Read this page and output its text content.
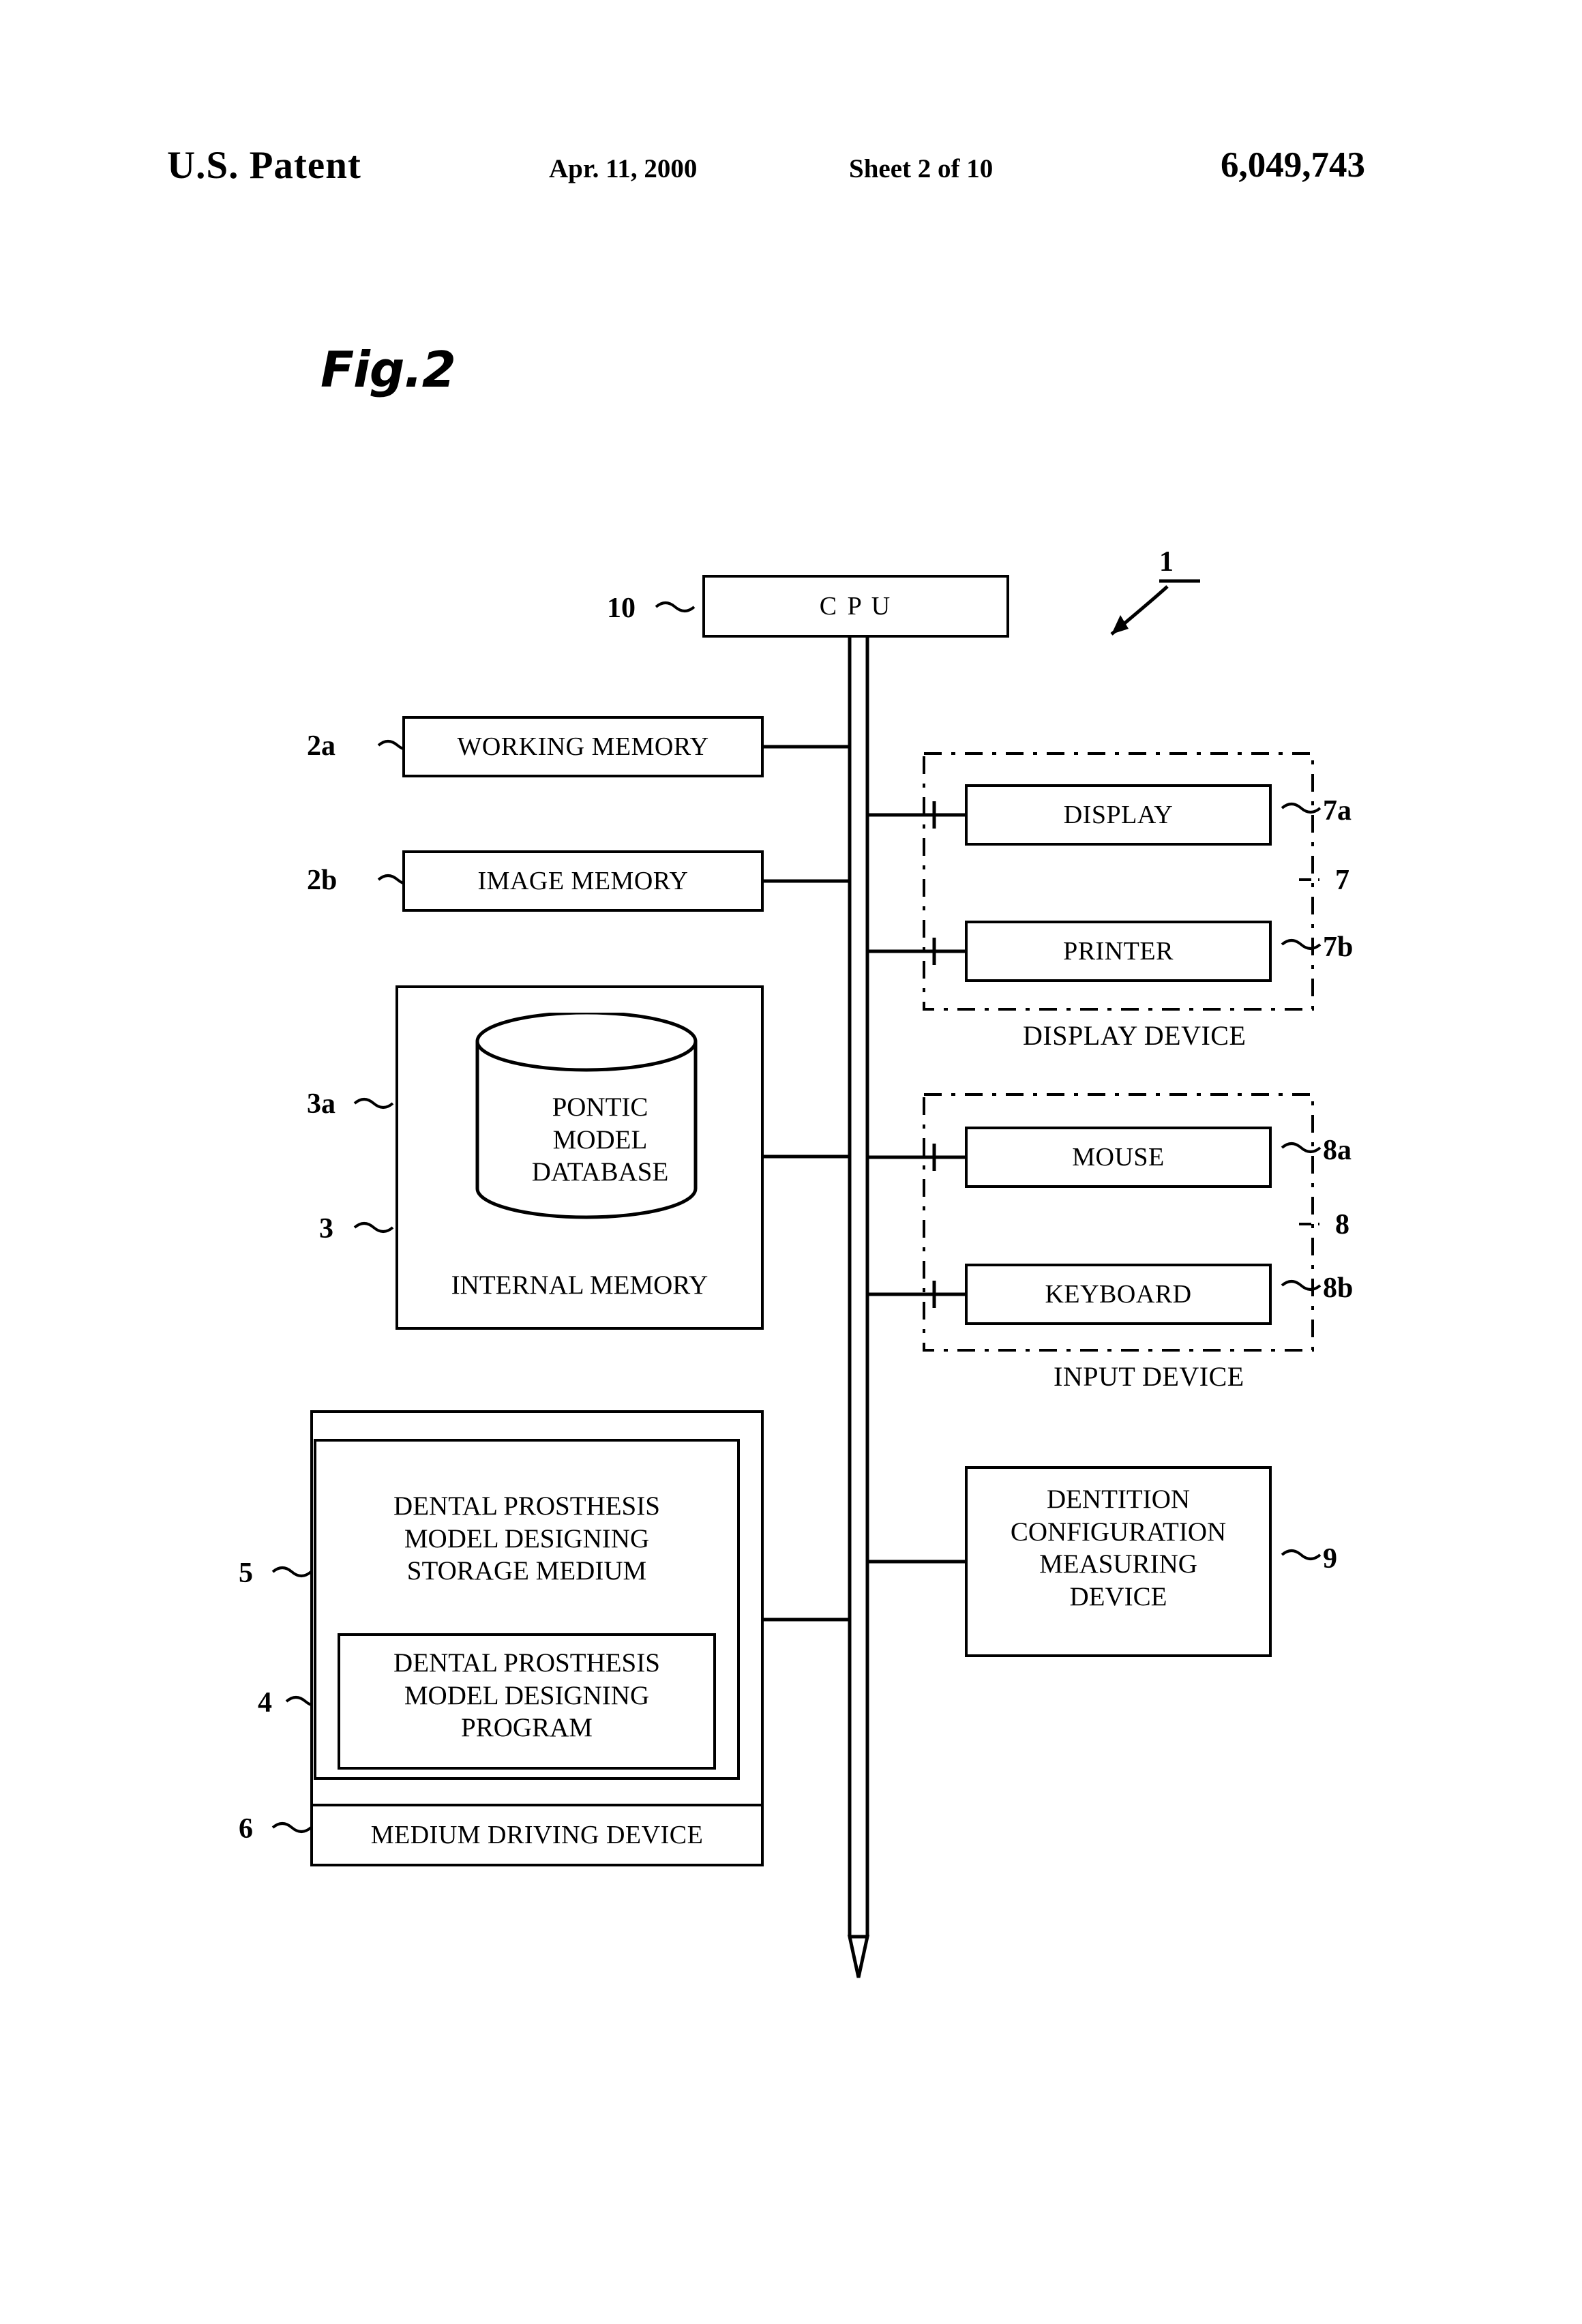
U.S. Patent	Apr. 11, 2000	Sheet 2 of 10	6,049,743
Fig.2
C P U
10
1
WORKING MEMORY
2a
IMAGE MEMORY
2b
PONTIC
MODEL
DATABASE
INTERNAL MEMORY
3a
3
DENTAL PROSTHESIS
MODEL DESIGNING
STORAGE MEDIUM
DENTAL PROSTHESIS
MODEL DESIGNING
PROGRAM
MEDIUM DRIVING DEVICE
5
4
6
DISPLAY
PRINTER
7a
7b
7
DISPLAY DEVICE
MOUSE
KEYBOARD
8a
8b
8
INPUT DEVICE
DENTITION
CONFIGURATION
MEASURING
DEVICE
9
